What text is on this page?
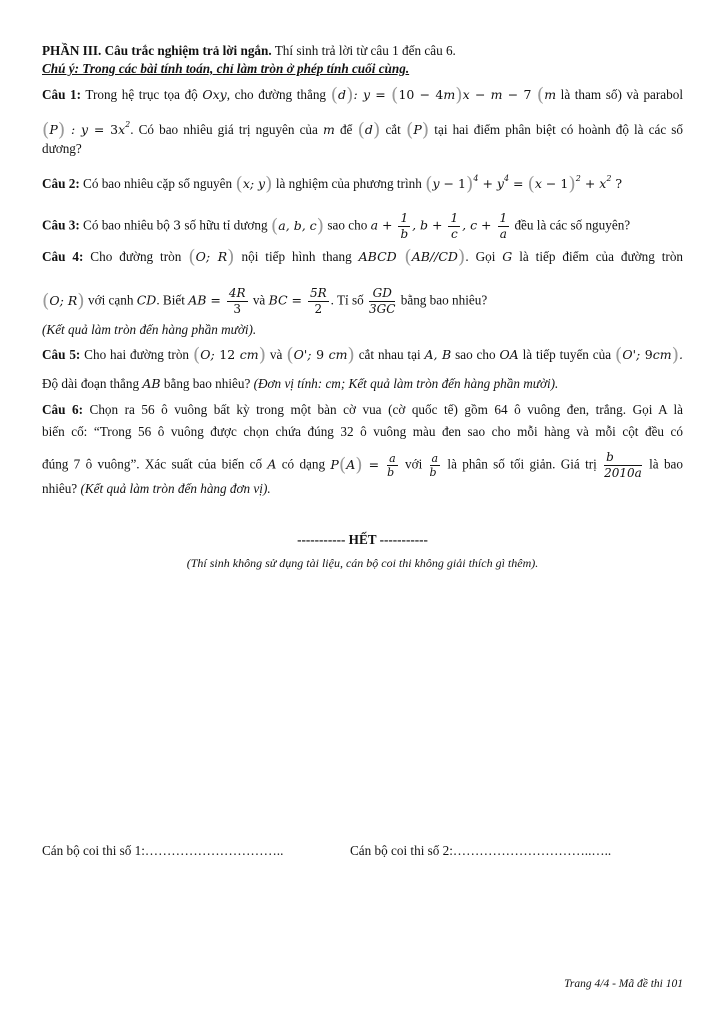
PHẦN III. Câu trắc nghiệm trả lời ngắn. Thí sinh trả lời từ câu 1 đến câu 6.
Chú ý: Trong các bài tính toán, chỉ làm tròn ở phép tính cuối cùng.
Câu 1: Trong hệ trục tọa độ Oxy, cho đường thẳng (d): y = (10 − 4m)x − m − 7 (m là tham số) và parabol
(P) : $y = 3x^2$. Có bao nhiêu giá trị nguyên của m để (d) cắt (P) tại hai điểm phân biệt có hoành độ là các số
dương?
Câu 2: Có bao nhiêu cặp số nguyên (x; y) là nghiệm của phương trình $(y - 1)^4 + y^4 = (x - 1)^2 + x^2$ ?
Câu 3: Có bao nhiêu bộ 3 số hữu tỉ dương (a, b, c) sao cho $a + \frac{1}{b}$ , $b + \frac{1}{c}$ , $c + \frac{1}{a}$ đều là các số nguyên?
Câu 4: Cho đường tròn (O; R) nội tiếp hình thang ABCD (AB//CD). Gọi G là tiếp điểm của đường tròn
(O; R) với cạnh CD. Biết AB = $\frac{4R}{3}$ và BC = $\frac{5R}{2}$ . Tỉ số $\frac{GD}{3GC}$ bằng bao nhiêu?
(Kết quả làm tròn đến hàng phần mười).
Câu 5: Cho hai đường tròn (O; 12 cm) và (O'; 9 cm) cắt nhau tại A, B sao cho OA là tiếp tuyến của (O'; 9cm).
Độ dài đoạn thẳng AB bằng bao nhiêu? (Đơn vị tính: cm; Kết quả làm tròn đến hàng phần mười).
Câu 6: Chọn ra 56 ô vuông bất kỳ trong một bàn cờ vua (cờ quốc tế) gồm 64 ô vuông đen, trắng. Gọi A là
biến cố: “Trong 56 ô vuông được chọn chứa đúng 32 ô vuông màu đen sao cho mỗi hàng và mỗi cột đều có
đúng 7 ô vuông”. Xác suất của biến cố A có dạng $P(A) = \frac{a}{b}$ với $\frac{a}{b}$ là phân số tối giản. Giá trị $\frac{b}{2010a}$ là bao
nhiêu? (Kết quả làm tròn đến hàng đơn vị).
----------- HẾT -----------
(Thí sinh không sử dụng tài liệu, cán bộ coi thi không giải thích gì thêm).
Cán bộ coi thi số 1:…………………………..	Cán bộ coi thi số 2:…………………………..…..
Trang 4/4 - Mã đề thi 101
